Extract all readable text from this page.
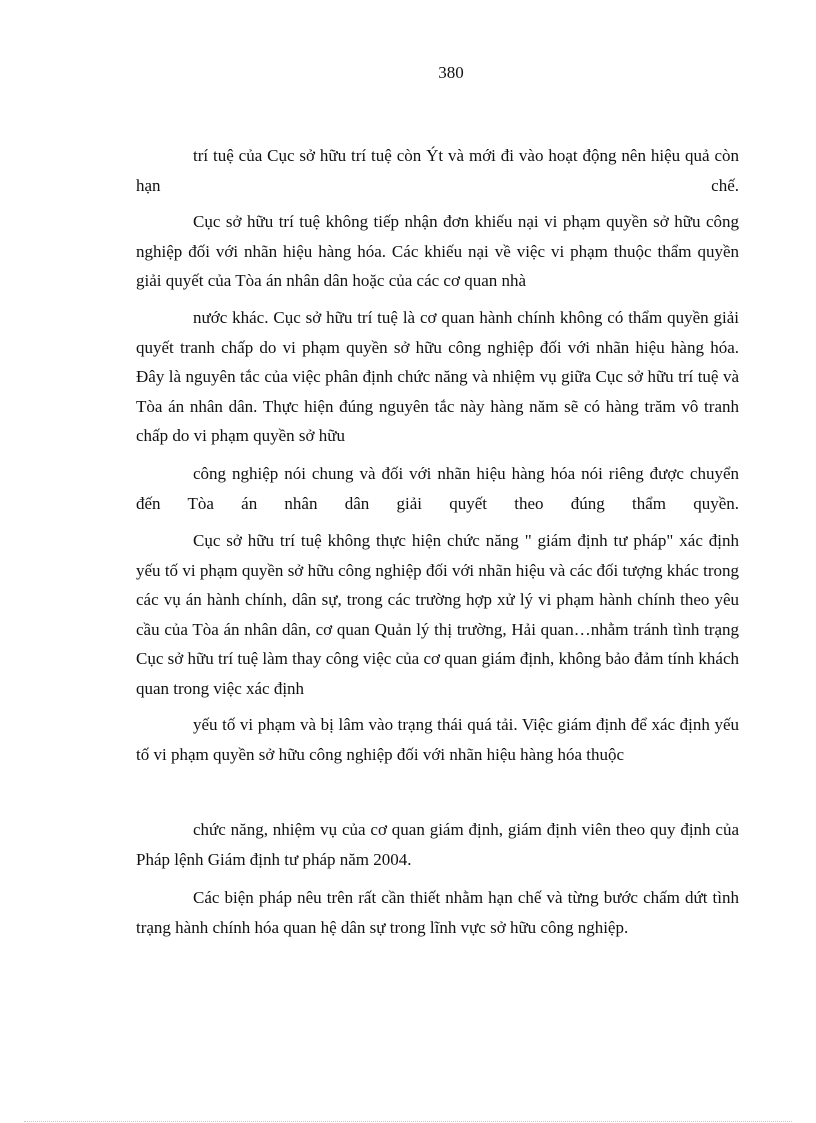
380

trí tuệ của Cục sở hữu trí tuệ còn Ýt và mới đi vào hoạt động nên hiệu quả còn hạn chế.

Cục sở hữu trí tuệ không tiếp nhận đơn khiếu nại vi phạm quyền sở hữu công nghiệp đối với nhãn hiệu hàng hóa. Các khiếu nại về việc vi phạm thuộc thẩm quyền giải quyết của Tòa án nhân dân hoặc của các cơ quan nhà

nước khác. Cục sở hữu trí tuệ là cơ quan hành chính không có thẩm quyền giải quyết tranh chấp do vi phạm quyền sở hữu công nghiệp đối với nhãn hiệu hàng hóa. Đây là nguyên tắc của việc phân định chức năng và nhiệm vụ giữa Cục sở hữu trí tuệ và Tòa án nhân dân. Thực hiện đúng nguyên tắc này hàng năm sẽ có hàng trăm vô tranh chấp do vi phạm quyền sở hữu

công nghiệp nói chung và đối với nhãn hiệu hàng hóa nói riêng được chuyển đến Tòa án nhân dân giải quyết theo đúng thẩm quyền.

Cục sở hữu trí tuệ không thực hiện chức năng " giám định tư pháp" xác định yếu tố vi phạm quyền sở hữu công nghiệp đối với nhãn hiệu và các đối tượng khác trong các vụ án hành chính, dân sự, trong các trường hợp xử lý vi phạm hành chính theo yêu cầu của Tòa án nhân dân, cơ quan Quản lý thị trường, Hải quan…nhằm tránh tình trạng Cục sở hữu trí tuệ làm thay công việc của cơ quan giám định, không bảo đảm tính khách quan trong việc xác định

yếu tố vi phạm và bị lâm vào trạng thái quá tải. Việc giám định để xác định yếu tố vi phạm quyền sở hữu công nghiệp đối với nhãn hiệu hàng hóa thuộc

chức năng, nhiệm vụ của cơ quan giám định, giám định viên theo quy định của Pháp lệnh Giám định tư pháp năm 2004.

Các biện pháp nêu trên rất cần thiết nhằm hạn chế và từng bước chấm dứt tình trạng hành chính hóa quan hệ dân sự trong lĩnh vực sở hữu công nghiệp.
